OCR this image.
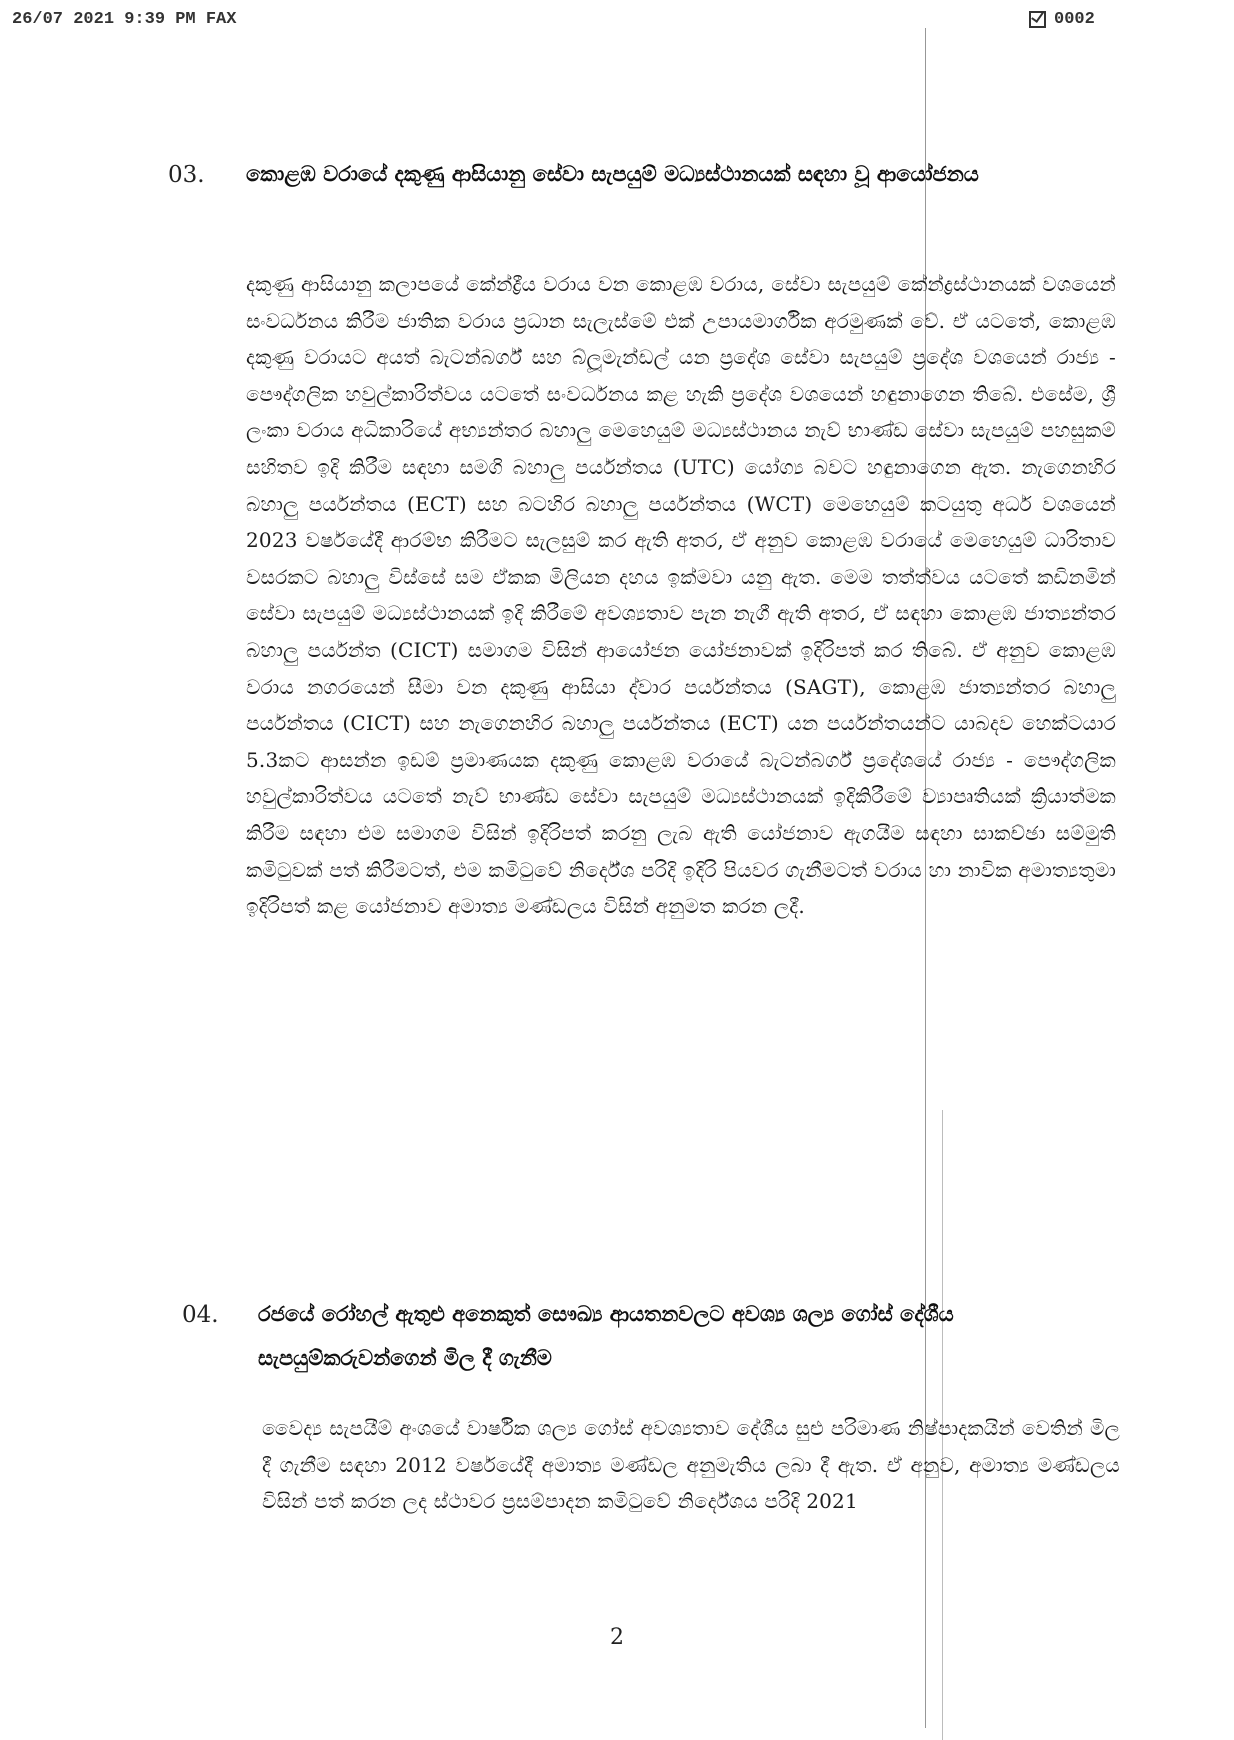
26/07 2021 9:39 PM FAX	0002
03. කොළඹ වරායේ දකුණු ආසියානු සේවා සැපයුම් මධ්‍යස්ථානයක් සඳහා වූ ආයෝජනය
දකුණු ආසියානු කලාපයේ කේන්ද්‍රීය වරාය වන කොළඹ වරාය, සේවා සැපයුම් කේන්ද්‍රස්ථානයක් වශයෙන් සංවර්ධනය කිරීම ජාතික වරාය ප්‍රධාන සැලැස්මේ එක් උපායමාර්ගික අරමුණක් වේ. ඒ යටතේ, කොළඹ දකුණු වරායට අයත් බැටන්බර්ග් සහ බ්ලූමැන්ඩල් යන ප්‍රදේශ සේවා සැපයුම් ප්‍රදේශ වශයෙන් රාජ්‍ය - පෞද්ගලික හවුල්කාරිත්වය යටතේ සංවර්ධනය කළ හැකි ප්‍රදේශ වශයෙන් හඳුනාගෙන තිබේ. එසේම, ශ්‍රී ලංකා වරාය අධිකාරියේ අභ්‍යන්තර බහාලු මෙහෙයුම් මධ්‍යස්ථානය නැව් භාණ්ඩ සේවා සැපයුම් පහසුකම් සහිතව ඉදි කිරීම සඳහා සමගි බහාලු පර්යන්තය (UTC) යෝග්‍ය බවට හඳුනාගෙන ඇත. නැගෙනහිර බහාලු පර්යන්තය (ECT) සහ බටහිර බහාලු පර්යන්තය (WCT) මෙහෙයුම් කටයුතු අර්ධ වශයෙන් 2023 වර්ෂයේදී ආරම්භ කිරීමට සැලසුම් කර ඇති අතර, ඒ අනුව කොළඹ වරායේ මෙහෙයුම් ධාරිතාව වසරකට බහාලු විස්සේ සම ඒකක මිලියන දහය ඉක්මවා යනු ඇත. මෙම තත්ත්වය යටතේ කඩිනමින් සේවා සැපයුම් මධ්‍යස්ථානයක් ඉදි කිරීමේ අවශ්‍යතාව පැන නැගී ඇති අතර, ඒ සඳහා කොළඹ ජාත්‍යන්තර බහාලු පර්යන්ත (CICT) සමාගම විසින් ආයෝජන යෝජනාවක් ඉදිරිපත් කර තිබේ. ඒ අනුව කොළඹ වරාය නගරයෙන් සීමා වන දකුණු ආසියා ද්වාර පර්යන්තය (SAGT), කොළඹ ජාත්‍යන්තර බහාලු පර්යන්තය (CICT) සහ නැගෙනහිර බහාලු පර්යන්තය (ECT) යන පර්යන්තයන්ට යාබදව හෙක්ටයාර 5.3කට ආසන්න ඉඩම් ප්‍රමාණයක දකුණු කොළඹ වරායේ බැටන්බර්ග් ප්‍රදේශයේ රාජ්‍ය - පෞද්ගලික හවුල්කාරිත්වය යටතේ නැව් භාණ්ඩ සේවා සැපයුම් මධ්‍යස්ථානයක් ඉදිකිරීමේ ව්‍යාපෘතියක් ක්‍රියාත්මක කිරීම සඳහා එම සමාගම විසින් ඉදිරිපත් කරනු ලැබ ඇති යෝජනාව ඇගයීම සඳහා සාකච්ඡා සම්මුති කමිටුවක් පත් කිරීමටත්, එම කමිටුවේ නිර්දේශ පරිදි ඉදිරි පියවර ගැනීමටත් වරාය හා නාවික අමාත්‍යතුමා ඉදිරිපත් කළ යෝජනාව අමාත්‍ය මණ්ඩලය විසින් අනුමත කරන ලදී.
04. රජයේ රෝහල් ඇතුළු අනෙකුත් සෞඛ්‍ය ආයතනවලට අවශ්‍ය ශල්‍ය ගෝස් දේශීය සැපයුම්කරුවන්ගෙන් මිල දී ගැනීම
වෛද්‍ය සැපයීම් අංශයේ වාර්ෂික ශල්‍ය ගෝස් අවශ්‍යතාව දේශීය සුළු පරිමාණ නිෂ්පාදකයින් වෙතින් මිල දී ගැනීම සඳහා 2012 වර්ෂයේදී අමාත්‍ය මණ්ඩල අනුමැතිය ලබා දී ඇත. ඒ අනුව, අමාත්‍ය මණ්ඩලය විසින් පත් කරන ලද ස්ථාවර ප්‍රසම්පාදන කමිටුවේ නිර්දේශය පරිදි 2021
2
